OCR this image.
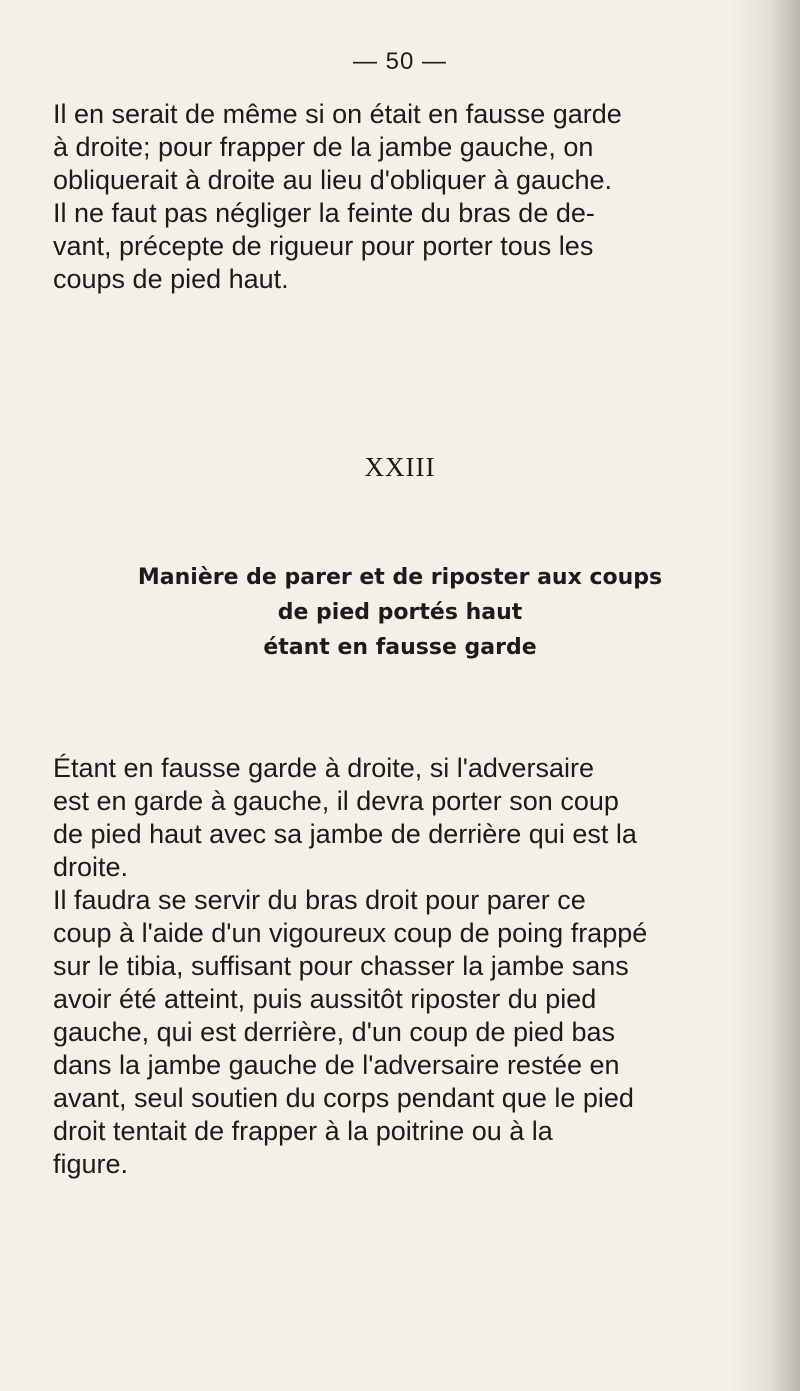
— 50 —

Il en serait de même si on était en fausse garde
à droite; pour frapper de la jambe gauche, on
obliquerait à droite au lieu d'obliquer à gauche.
Il ne faut pas négliger la feinte du bras de de-
vant, précepte de rigueur pour porter tous les
coups de pied haut.

XXIII
Manière de parer et de riposter aux coups
de pied portés haut
étant en fausse garde

Étant en fausse garde à droite, si l'adversaire
est en garde à gauche, il devra porter son coup
de pied haut avec sa jambe de derrière qui est la
droite.
Il faudra se servir du bras droit pour parer ce
coup à l'aide d'un vigoureux coup de poing frappé
sur le tibia, suffisant pour chasser la jambe sans
avoir été atteint, puis aussitôt riposter du pied
gauche, qui est derrière, d'un coup de pied bas
dans la jambe gauche de l'adversaire restée en
avant, seul soutien du corps pendant que le pied
droit tentait de frapper à la poitrine ou à la
figure.
